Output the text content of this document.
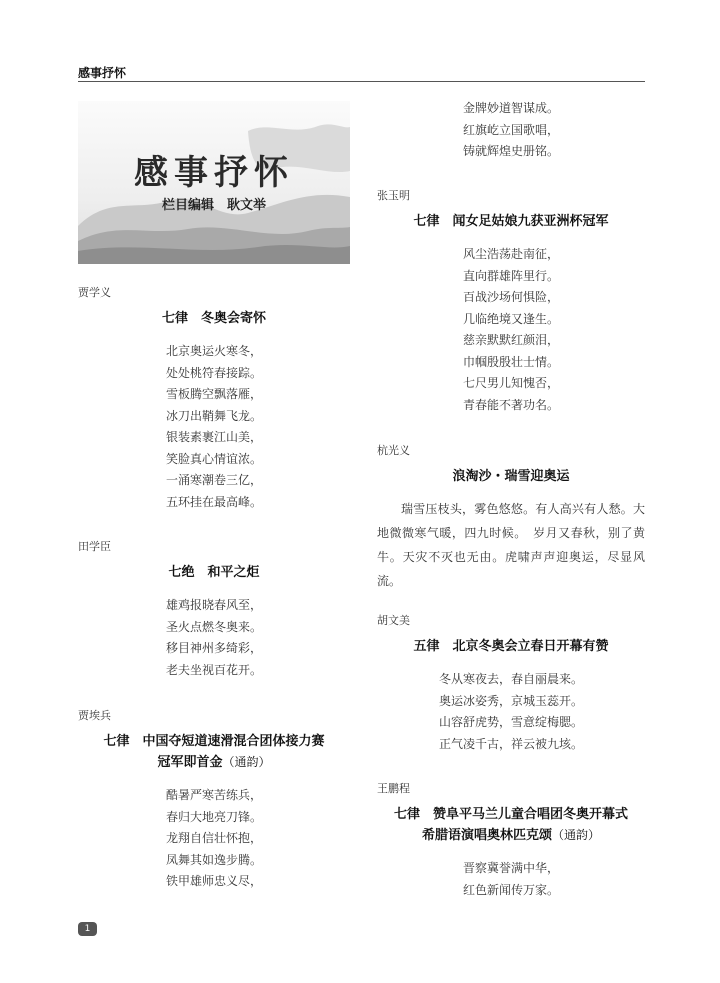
感事抒怀
感事抒怀
栏目编辑　耿文举
贾学义
七律　冬奥会寄怀
北京奥运火寒冬，
处处桃符春接踪。
雪板腾空飘落雁，
冰刀出鞘舞飞龙。
银装素裹江山美，
笑脸真心情谊浓。
一涌寒潮卷三亿，
五环挂在最高峰。
田学臣
七绝　和平之炬
雄鸡报晓春风至，
圣火点燃冬奥来。
移目神州多绮彩，
老夫坐视百花开。
贾埃兵
七律　中国夺短道速滑混合团体接力赛
冠军即首金（通韵）
酷暑严寒苦练兵，
春归大地亮刀锋。
龙翔自信壮怀抱，
凤舞其如逸步腾。
铁甲雄师忠义尽，
金牌妙道智谋成。
红旗屹立国歌唱，
铸就辉煌史册铭。
张玉明
七律　闻女足姑娘九获亚洲杯冠军
风尘浩荡赴南征，
直向群雄阵里行。
百战沙场何惧险，
几临绝境又逢生。
慈亲默默红颜泪，
巾帼殷殷壮士情。
七尺男儿知愧否，
青春能不著功名。
杭光义
浪淘沙・瑞雪迎奥运
瑞雪压枝头，雾色悠悠。有人高兴有人愁。大地微微寒气暖，四九时候。　岁月又春秋，别了黄牛。天灾不灭也无由。虎啸声声迎奥运，尽显风流。
胡文美
五律　北京冬奥会立春日开幕有赞
冬从寒夜去，春自丽晨来。
奥运冰姿秀，京城玉蕊开。
山容舒虎势，雪意绽梅腮。
正气凌千古，祥云被九垓。
王鹏程
七律　赞阜平马兰儿童合唱团冬奥开幕式
希腊语演唱奥林匹克颂（通韵）
晋察冀誉满中华，
红色新闻传万家。
1
